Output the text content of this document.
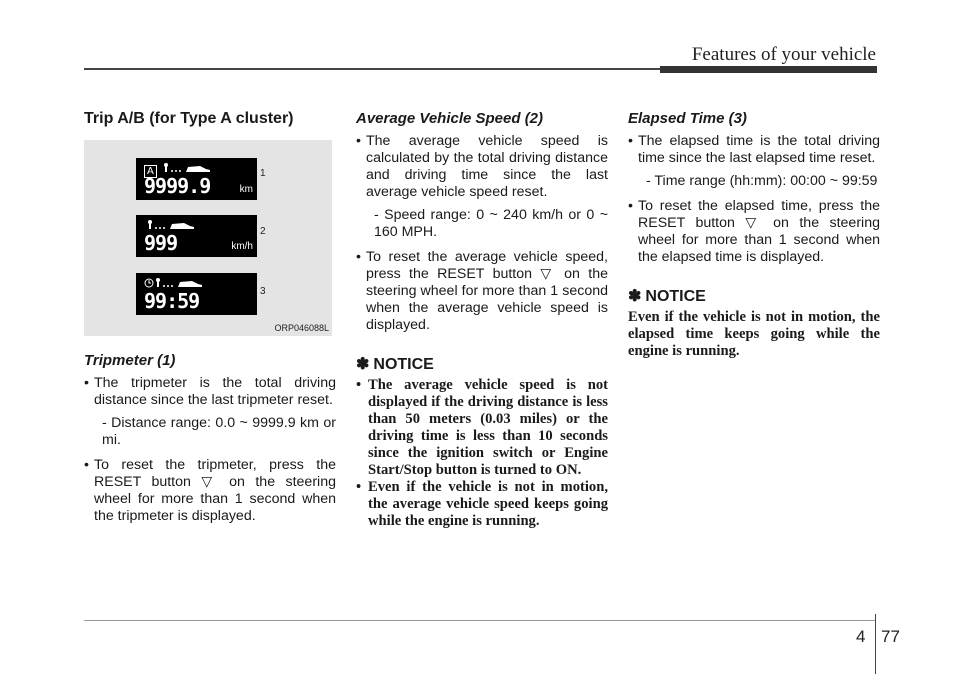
Features of your vehicle
Trip A/B (for Type A cluster)
A
9999.9	km
1
999	km/h
2
99:59	3
ORP046088L
Tripmeter (1)
• The tripmeter is the total driving distance since the last tripmeter reset.
- Distance range: 0.0 ~ 9999.9 km or mi.
• To reset the tripmeter, press the RESET button ▽ on the steering wheel for more than 1 second when the tripmeter is displayed.
Average Vehicle Speed (2)
• The average vehicle speed is calculated by the total driving distance and driving time since the last average vehicle speed reset.
- Speed range: 0 ~ 240 km/h or 0 ~ 160 MPH.
• To reset the average vehicle speed, press the RESET button ▽ on the steering wheel for more than 1 second when the average vehicle speed is displayed.

✽ NOTICE

• The average vehicle speed is not displayed if the driving distance is less than 50 meters (0.03 miles) or the driving time is less than 10 seconds since the ignition switch or Engine Start/Stop button is turned to ON.
• Even if the vehicle is not in motion, the average vehicle speed keeps going while the engine is running.
Elapsed Time (3)
• The elapsed time is the total driving time since the last elapsed time reset.
- Time range (hh:mm): 00:00 ~ 99:59
• To reset the elapsed time, press the RESET button ▽ on the steering wheel for more than 1 second when the elapsed time is displayed.

✽ NOTICE

Even if the vehicle is not in motion, the elapsed time keeps going while the engine is running.

4 77
